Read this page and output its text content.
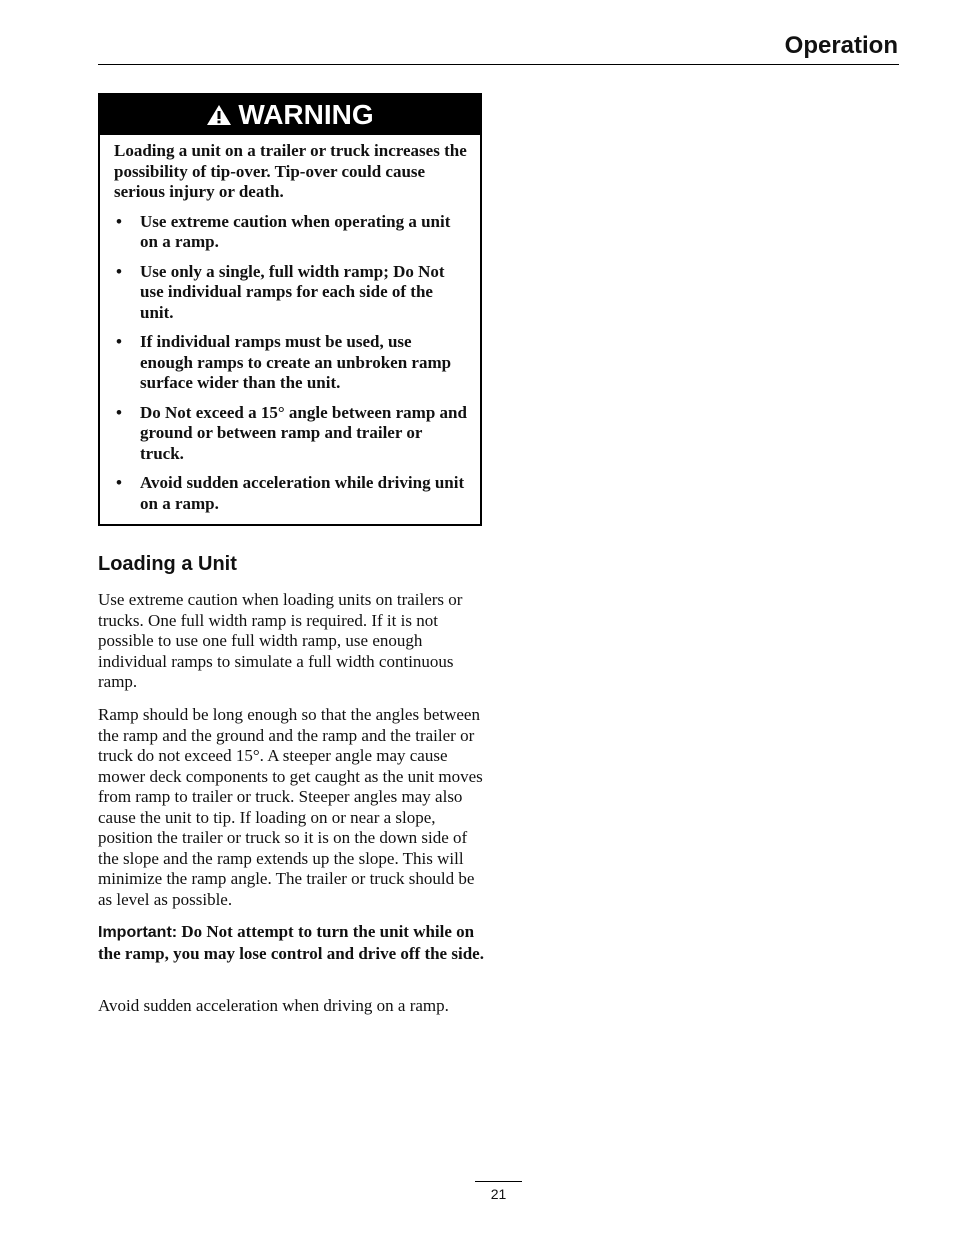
Operation
WARNING

Loading a unit on a trailer or truck increases the possibility of tip-over. Tip-over could cause serious injury or death.

• Use extreme caution when operating a unit on a ramp.
• Use only a single, full width ramp; Do Not use individual ramps for each side of the unit.
• If individual ramps must be used, use enough ramps to create an unbroken ramp surface wider than the unit.
• Do Not exceed a 15° angle between ramp and ground or between ramp and trailer or truck.
• Avoid sudden acceleration while driving unit on a ramp.
Loading a Unit

Use extreme caution when loading units on trailers or trucks. One full width ramp is required. If it is not possible to use one full width ramp, use enough individual ramps to simulate a full width continuous ramp.

Ramp should be long enough so that the angles between the ramp and the ground and the ramp and the trailer or truck do not exceed 15°. A steeper angle may cause mower deck components to get caught as the unit moves from ramp to trailer or truck. Steeper angles may also cause the unit to tip. If loading on or near a slope, position the trailer or truck so it is on the down side of the slope and the ramp extends up the slope. This will minimize the ramp angle. The trailer or truck should be as level as possible.

Important: Do Not attempt to turn the unit while on the ramp, you may lose control and drive off the side.

Avoid sudden acceleration when driving on a ramp.

21
